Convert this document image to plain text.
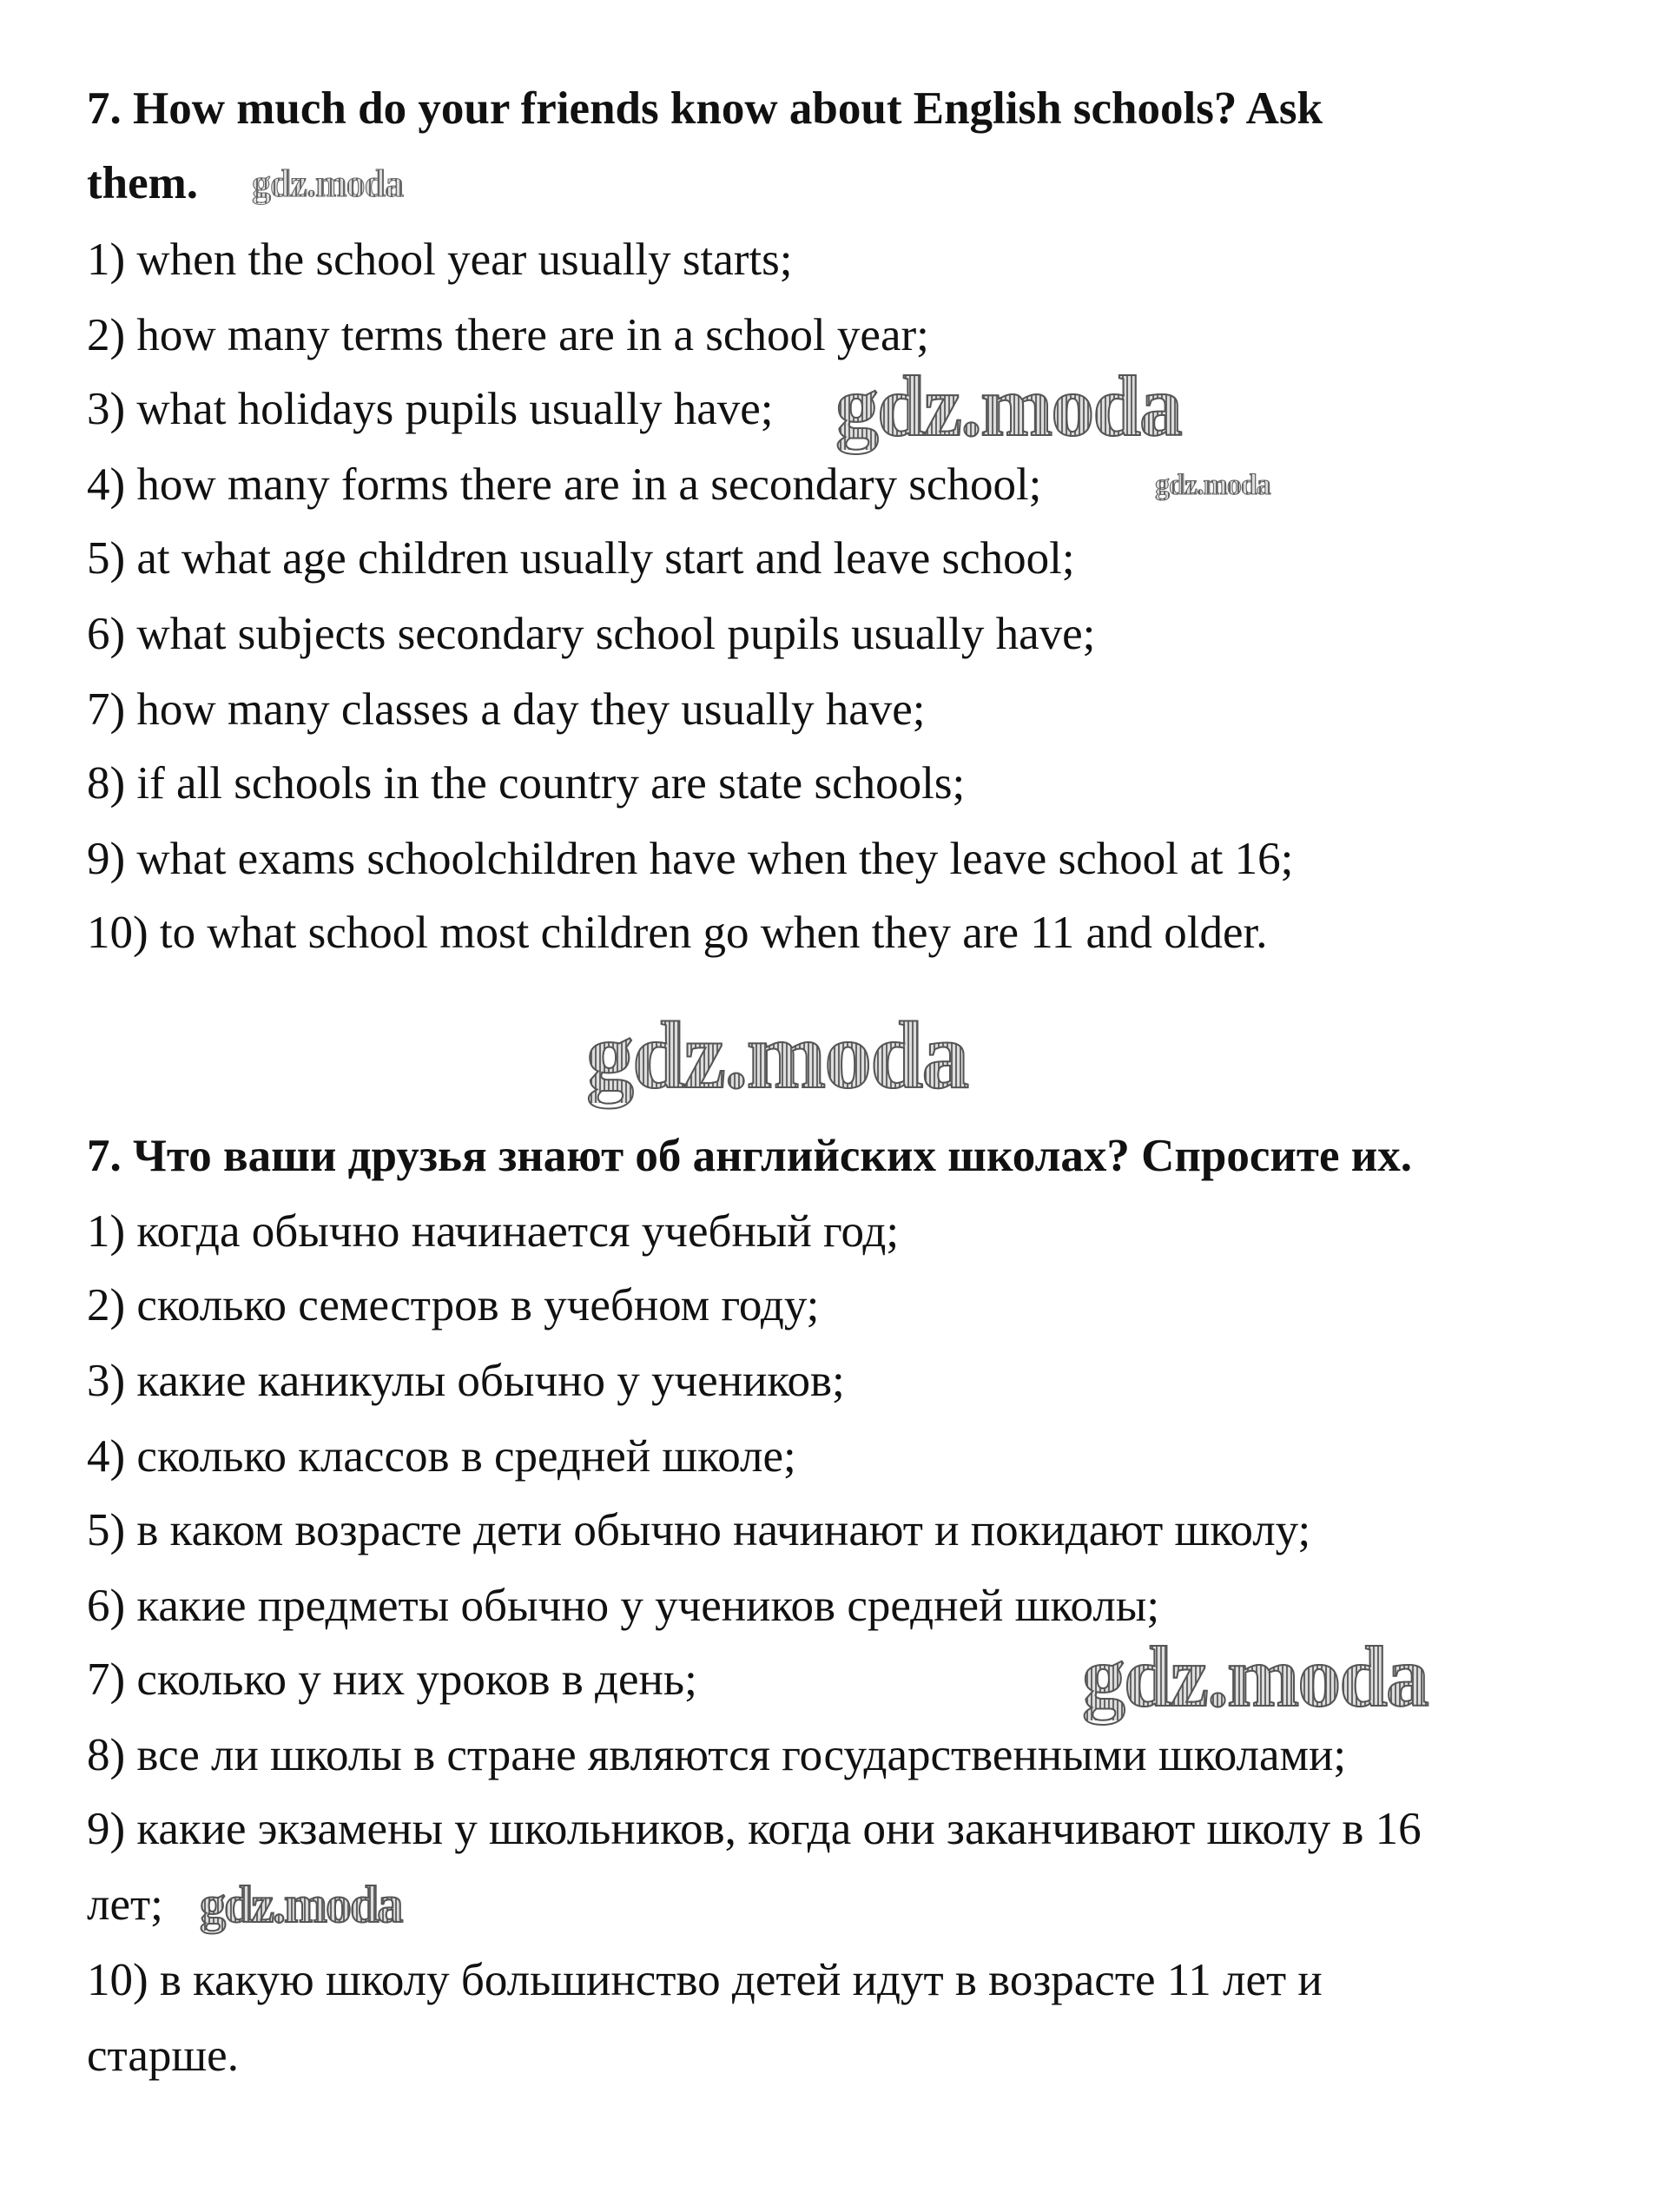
7. How much do your friends know about English schools? Ask
them.
1) when the school year usually starts;
2) how many terms there are in a school year;
3) what holidays pupils usually have;
4) how many forms there are in a secondary school;
5) at what age children usually start and leave school;
6) what subjects secondary school pupils usually have;
7) how many classes a day they usually have;
8) if all schools in the country are state schools;
9) what exams schoolchildren have when they leave school at 16;
10) to what school most children go when they are 11 and older.
7. Что ваши друзья знают об английских школах? Спросите их.
1) когда обычно начинается учебный год;
2) сколько семестров в учебном году;
3) какие каникулы обычно у учеников;
4) сколько классов в средней школе;
5) в каком возрасте дети обычно начинают и покидают школу;
6) какие предметы обычно у учеников средней школы;
7) сколько у них уроков в день;
8) все ли школы в стране являются государственными школами;
9) какие экзамены у школьников, когда они заканчивают школу в 16
лет;
10) в какую школу большинство детей идут в возрасте 11 лет и
старше.
gdz.moda
gdz.moda
gdz.moda
gdz.moda
gdz.moda
gdz.moda
